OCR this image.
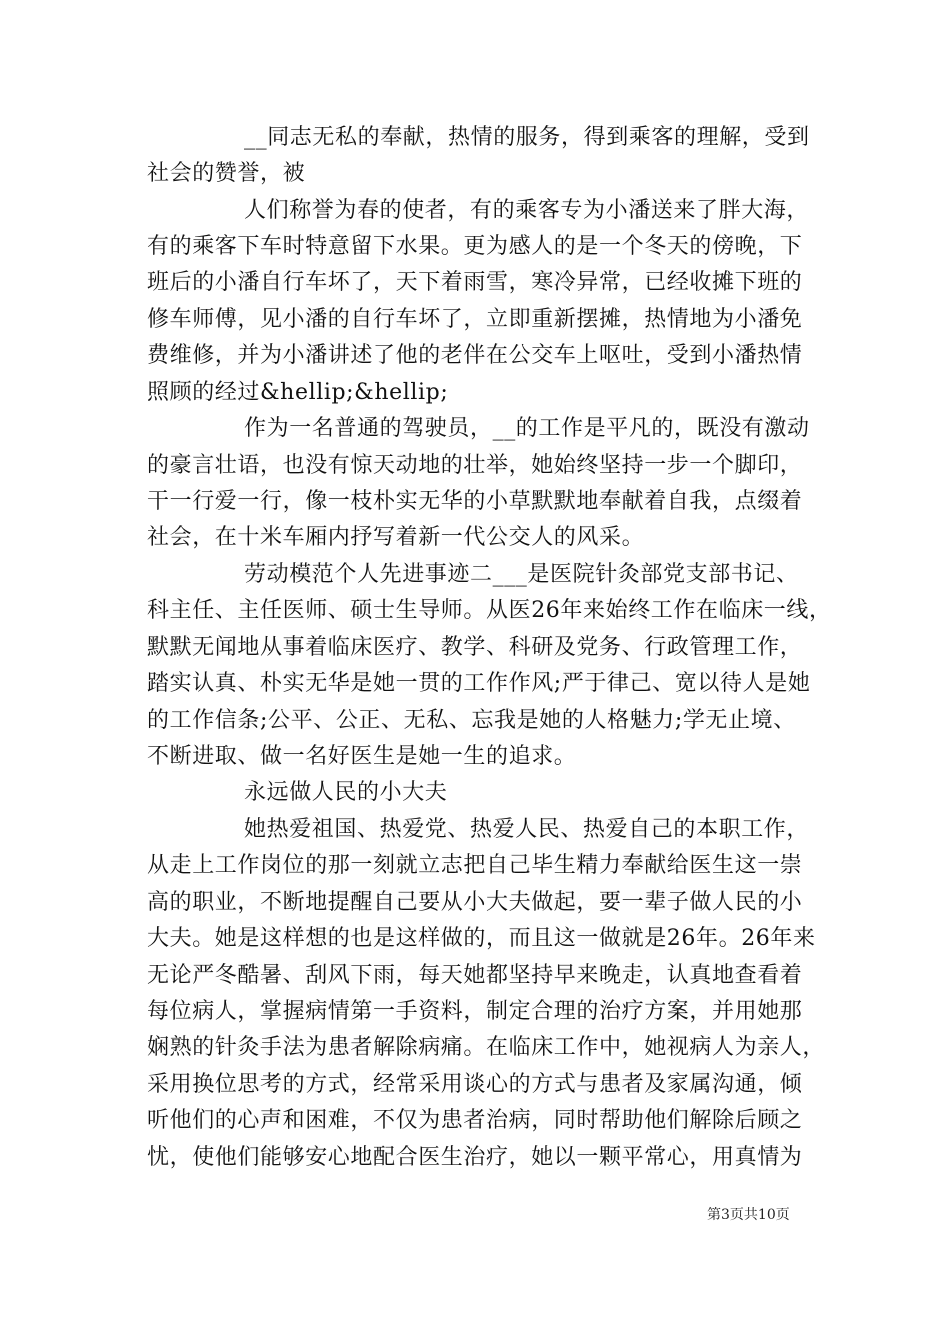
__同志无私的奉献，热情的服务，得到乘客的理解，受到
社会的赞誉，被
人们称誉为春的使者，有的乘客专为小潘送来了胖大海，
有的乘客下车时特意留下水果。更为感人的是一个冬天的傍晚，下
班后的小潘自行车坏了，天下着雨雪，寒冷异常，已经收摊下班的
修车师傅，见小潘的自行车坏了，立即重新摆摊，热情地为小潘免
费维修，并为小潘讲述了他的老伴在公交车上呕吐，受到小潘热情
照顾的经过&hellip;&hellip;
作为一名普通的驾驶员，__的工作是平凡的，既没有激动
的豪言壮语，也没有惊天动地的壮举，她始终坚持一步一个脚印，
干一行爱一行，像一枝朴实无华的小草默默地奉献着自我，点缀着
社会，在十米车厢内抒写着新一代公交人的风采。
劳动模范个人先进事迹二___是医院针灸部党支部书记、
科主任、主任医师、硕士生导师。从医26年来始终工作在临床一线，
默默无闻地从事着临床医疗、教学、科研及党务、行政管理工作，
踏实认真、朴实无华是她一贯的工作作风;严于律己、宽以待人是她
的工作信条;公平、公正、无私、忘我是她的人格魅力;学无止境、
不断进取、做一名好医生是她一生的追求。
永远做人民的小大夫
她热爱祖国、热爱党、热爱人民、热爱自己的本职工作，
从走上工作岗位的那一刻就立志把自己毕生精力奉献给医生这一崇
高的职业，不断地提醒自己要从小大夫做起，要一辈子做人民的小
大夫。她是这样想的也是这样做的，而且这一做就是26年。26年来
无论严冬酷暑、刮风下雨，每天她都坚持早来晚走，认真地查看着
每位病人，掌握病情第一手资料，制定合理的治疗方案，并用她那
娴熟的针灸手法为患者解除病痛。在临床工作中，她视病人为亲人，
采用换位思考的方式，经常采用谈心的方式与患者及家属沟通，倾
听他们的心声和困难，不仅为患者治病，同时帮助他们解除后顾之
忧，使他们能够安心地配合医生治疗，她以一颗平常心，用真情为
第3页共10页
